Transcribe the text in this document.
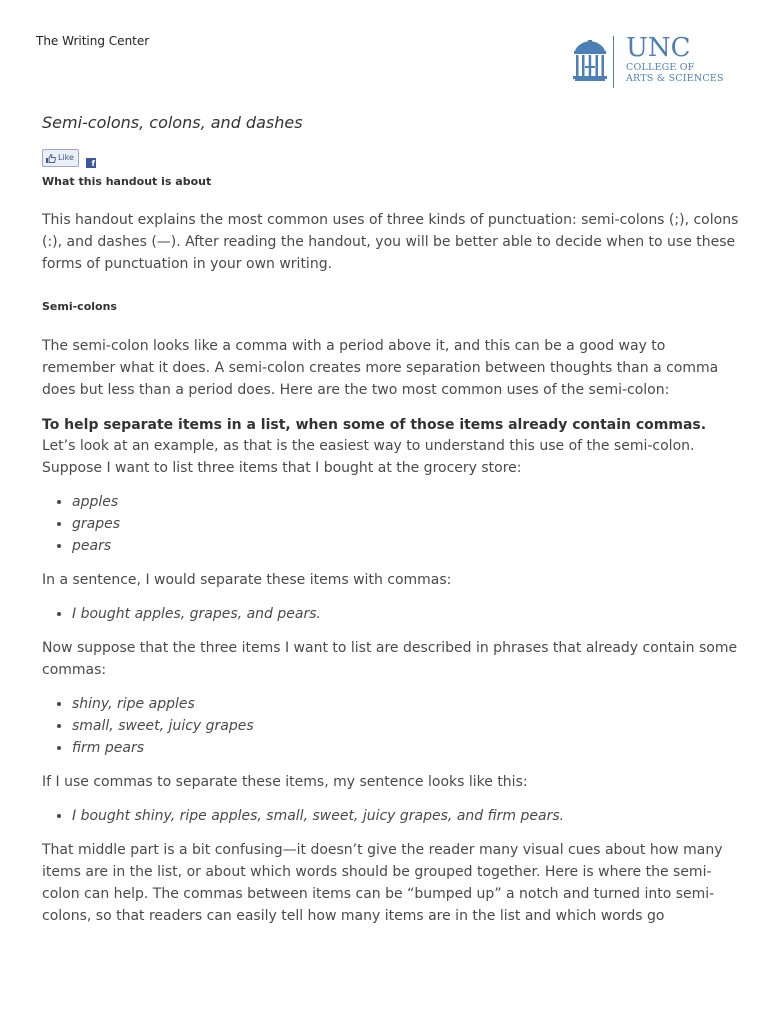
The Writing Center	UNC
COLLEGE OF
ARTS & SCIENCES
Semi-colons, colons, and dashes
Like
f
What this handout is about

This handout explains the most common uses of three kinds of punctuation: semi-colons (;), colons (:), and dashes (—). After reading the handout, you will be better able to decide when to use these forms of punctuation in your own writing.

Semi-colons

The semi-colon looks like a comma with a period above it, and this can be a good way to remember what it does. A semi-colon creates more separation between thoughts than a comma does but less than a period does. Here are the two most common uses of the semi-colon:

To help separate items in a list, when some of those items already contain commas.

Let’s look at an example, as that is the easiest way to understand this use of the semi-colon. Suppose I want to list three items that I bought at the grocery store:

• apples
• grapes
• pears

In a sentence, I would separate these items with commas:

• I bought apples, grapes, and pears.

Now suppose that the three items I want to list are described in phrases that already contain some commas:

• shiny, ripe apples
• small, sweet, juicy grapes
• firm pears

If I use commas to separate these items, my sentence looks like this:

• I bought shiny, ripe apples, small, sweet, juicy grapes, and firm pears.

That middle part is a bit confusing—it doesn’t give the reader many visual cues about how many items are in the list, or about which words should be grouped together. Here is where the semi-colon can help. The commas between items can be “bumped up” a notch and turned into semi-colons, so that readers can easily tell how many items are in the list and which words go
